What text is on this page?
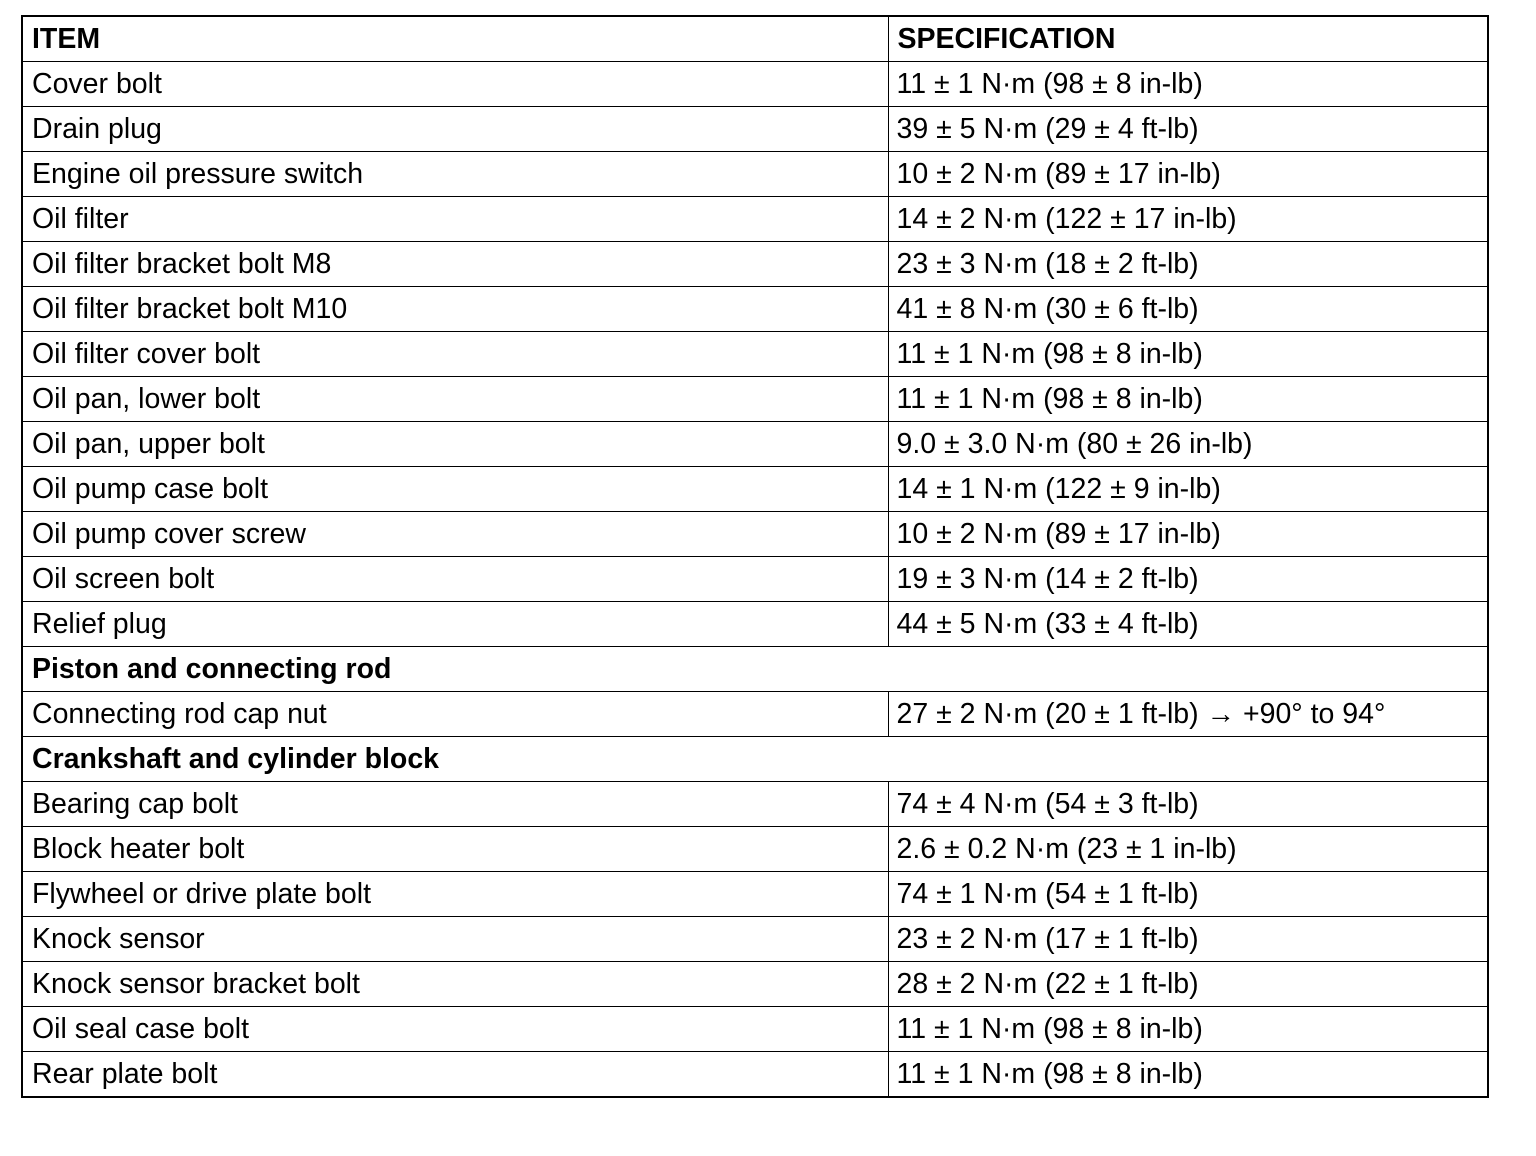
ITEM	SPECIFICATION
Cover bolt	11 ± 1 N·m (98 ± 8 in-lb)
Drain plug	39 ± 5 N·m (29 ± 4 ft-lb)
Engine oil pressure switch	10 ± 2 N·m (89 ± 17 in-lb)
Oil filter	14 ± 2 N·m (122 ± 17 in-lb)
Oil filter bracket bolt M8	23 ± 3 N·m (18 ± 2 ft-lb)
Oil filter bracket bolt M10	41 ± 8 N·m (30 ± 6 ft-lb)
Oil filter cover bolt	11 ± 1 N·m (98 ± 8 in-lb)
Oil pan, lower bolt	11 ± 1 N·m (98 ± 8 in-lb)
Oil pan, upper bolt	9.0 ± 3.0 N·m (80 ± 26 in-lb)
Oil pump case bolt	14 ± 1 N·m (122 ± 9 in-lb)
Oil pump cover screw	10 ± 2 N·m (89 ± 17 in-lb)
Oil screen bolt	19 ± 3 N·m (14 ± 2 ft-lb)
Relief plug	44 ± 5 N·m (33 ± 4 ft-lb)
Piston and connecting rod	
Connecting rod cap nut	27 ± 2 N·m (20 ± 1 ft-lb) → +90° to 94°
Crankshaft and cylinder block	
Bearing cap bolt	74 ± 4 N·m (54 ± 3 ft-lb)
Block heater bolt	2.6 ± 0.2 N·m (23 ± 1 in-lb)
Flywheel or drive plate bolt	74 ± 1 N·m (54 ± 1 ft-lb)
Knock sensor	23 ± 2 N·m (17 ± 1 ft-lb)
Knock sensor bracket bolt	28 ± 2 N·m (22 ± 1 ft-lb)
Oil seal case bolt	11 ± 1 N·m (98 ± 8 in-lb)
Rear plate bolt	11 ± 1 N·m (98 ± 8 in-lb)
